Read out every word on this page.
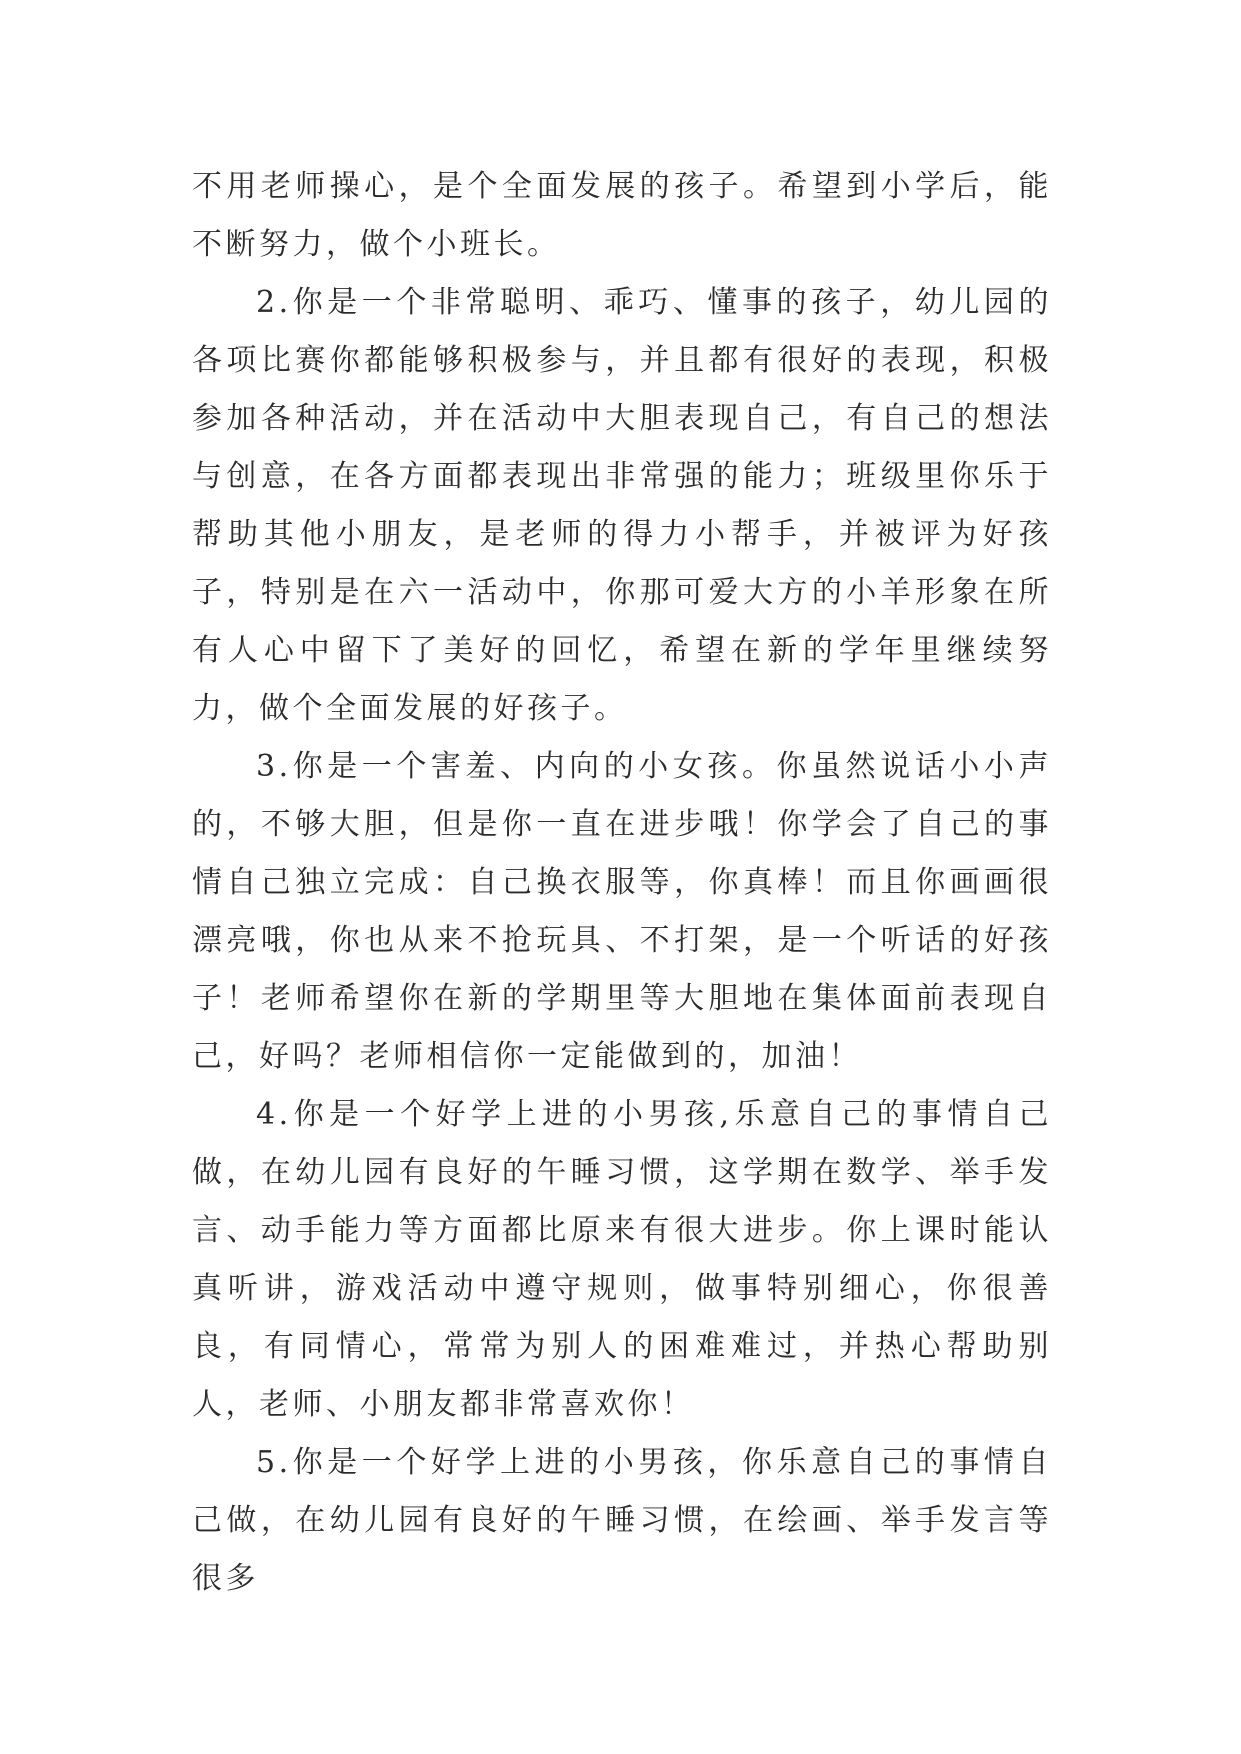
不用老师操心，是个全面发展的孩子。希望到小学后，能不断努力，做个小班长。

2.你是一个非常聪明、乖巧、懂事的孩子，幼儿园的各项比赛你都能够积极参与，并且都有很好的表现，积极参加各种活动，并在活动中大胆表现自己，有自己的想法与创意，在各方面都表现出非常强的能力；班级里你乐于帮助其他小朋友，是老师的得力小帮手，并被评为好孩子，特别是在六一活动中，你那可爱大方的小羊形象在所有人心中留下了美好的回忆，希望在新的学年里继续努力，做个全面发展的好孩子。

3.你是一个害羞、内向的小女孩。你虽然说话小小声的，不够大胆，但是你一直在进步哦！你学会了自己的事情自己独立完成：自己换衣服等，你真棒！而且你画画很漂亮哦，你也从来不抢玩具、不打架，是一个听话的好孩子！老师希望你在新的学期里等大胆地在集体面前表现自己，好吗？老师相信你一定能做到的，加油！

4.你是一个好学上进的小男孩,乐意自己的事情自己做，在幼儿园有良好的午睡习惯，这学期在数学、举手发言、动手能力等方面都比原来有很大进步。你上课时能认真听讲，游戏活动中遵守规则，做事特别细心，你很善良，有同情心，常常为别人的困难难过，并热心帮助别人，老师、小朋友都非常喜欢你！

5.你是一个好学上进的小男孩，你乐意自己的事情自己做，在幼儿园有良好的午睡习惯，在绘画、举手发言等很多
